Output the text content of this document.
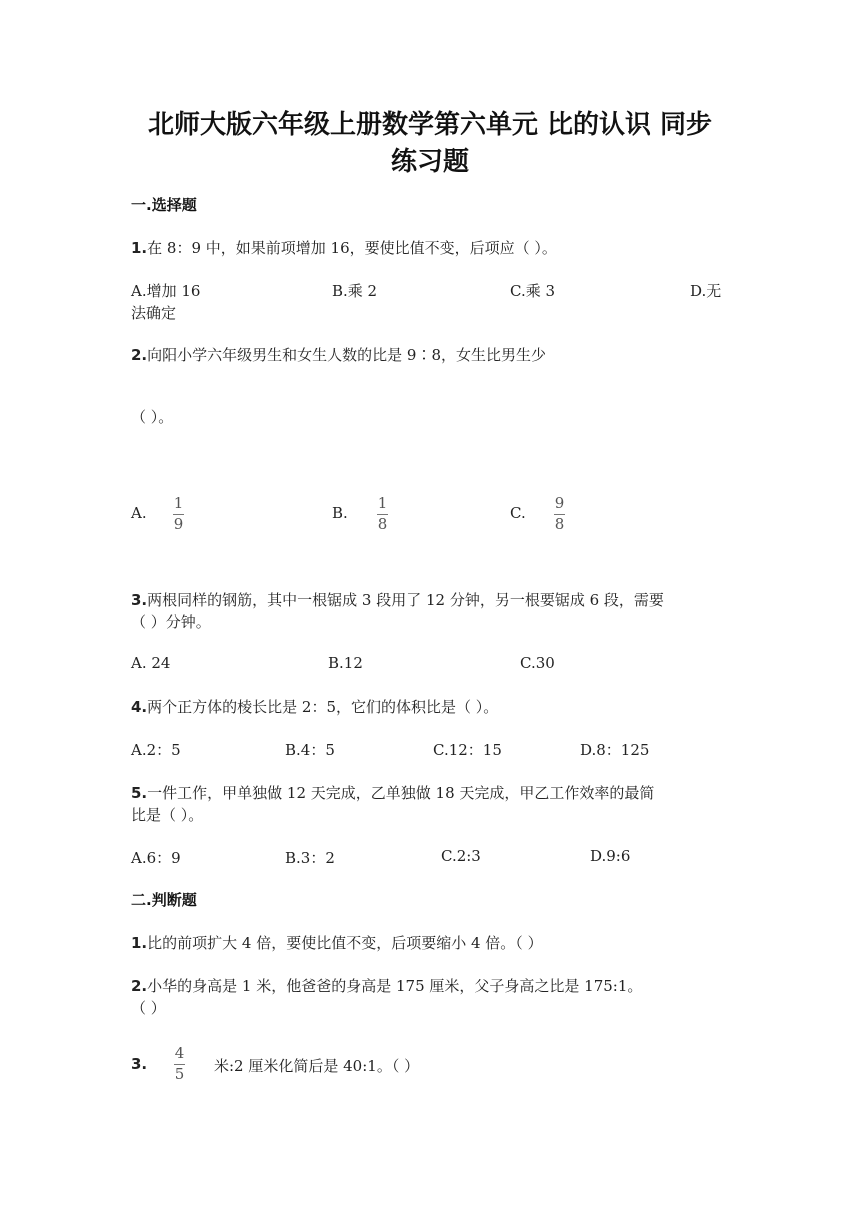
北师大版六年级上册数学第六单元 比的认识 同步
练习题
一.选择题
1.在 8：9 中，如果前项增加 16，要使比值不变，后项应（ ）。
A.增加 16	B.乘 2	C.乘 3	D.无
法确定
2.向阳小学六年级男生和女生人数的比是 9∶8，女生比男生少
（ ）。
A.
1
9
B.
1
8
C.
9
8
3.两根同样的钢筋，其中一根锯成 3 段用了 12 分钟，另一根要锯成 6 段，需要
（ ）分钟。
A. 24	B.12	C.30
4.两个正方体的棱长比是 2：5，它们的体积比是（ ）。
A.2：5	B.4：5	C.12：15	D.8：125
5.一件工作，甲单独做 12 天完成，乙单独做 18 天完成，甲乙工作效率的最简
比是（ ）。
A.6：9	B.3：2	C.2:3	D.9:6
二.判断题
1.比的前项扩大 4 倍，要使比值不变，后项要缩小 4 倍。（ ）
2.小华的身高是 1 米，他爸爸的身高是 175 厘米，父子身高之比是 175:1。
（ ）
3.
4
5 米:2 厘米化简后是 40:1。（ ）
